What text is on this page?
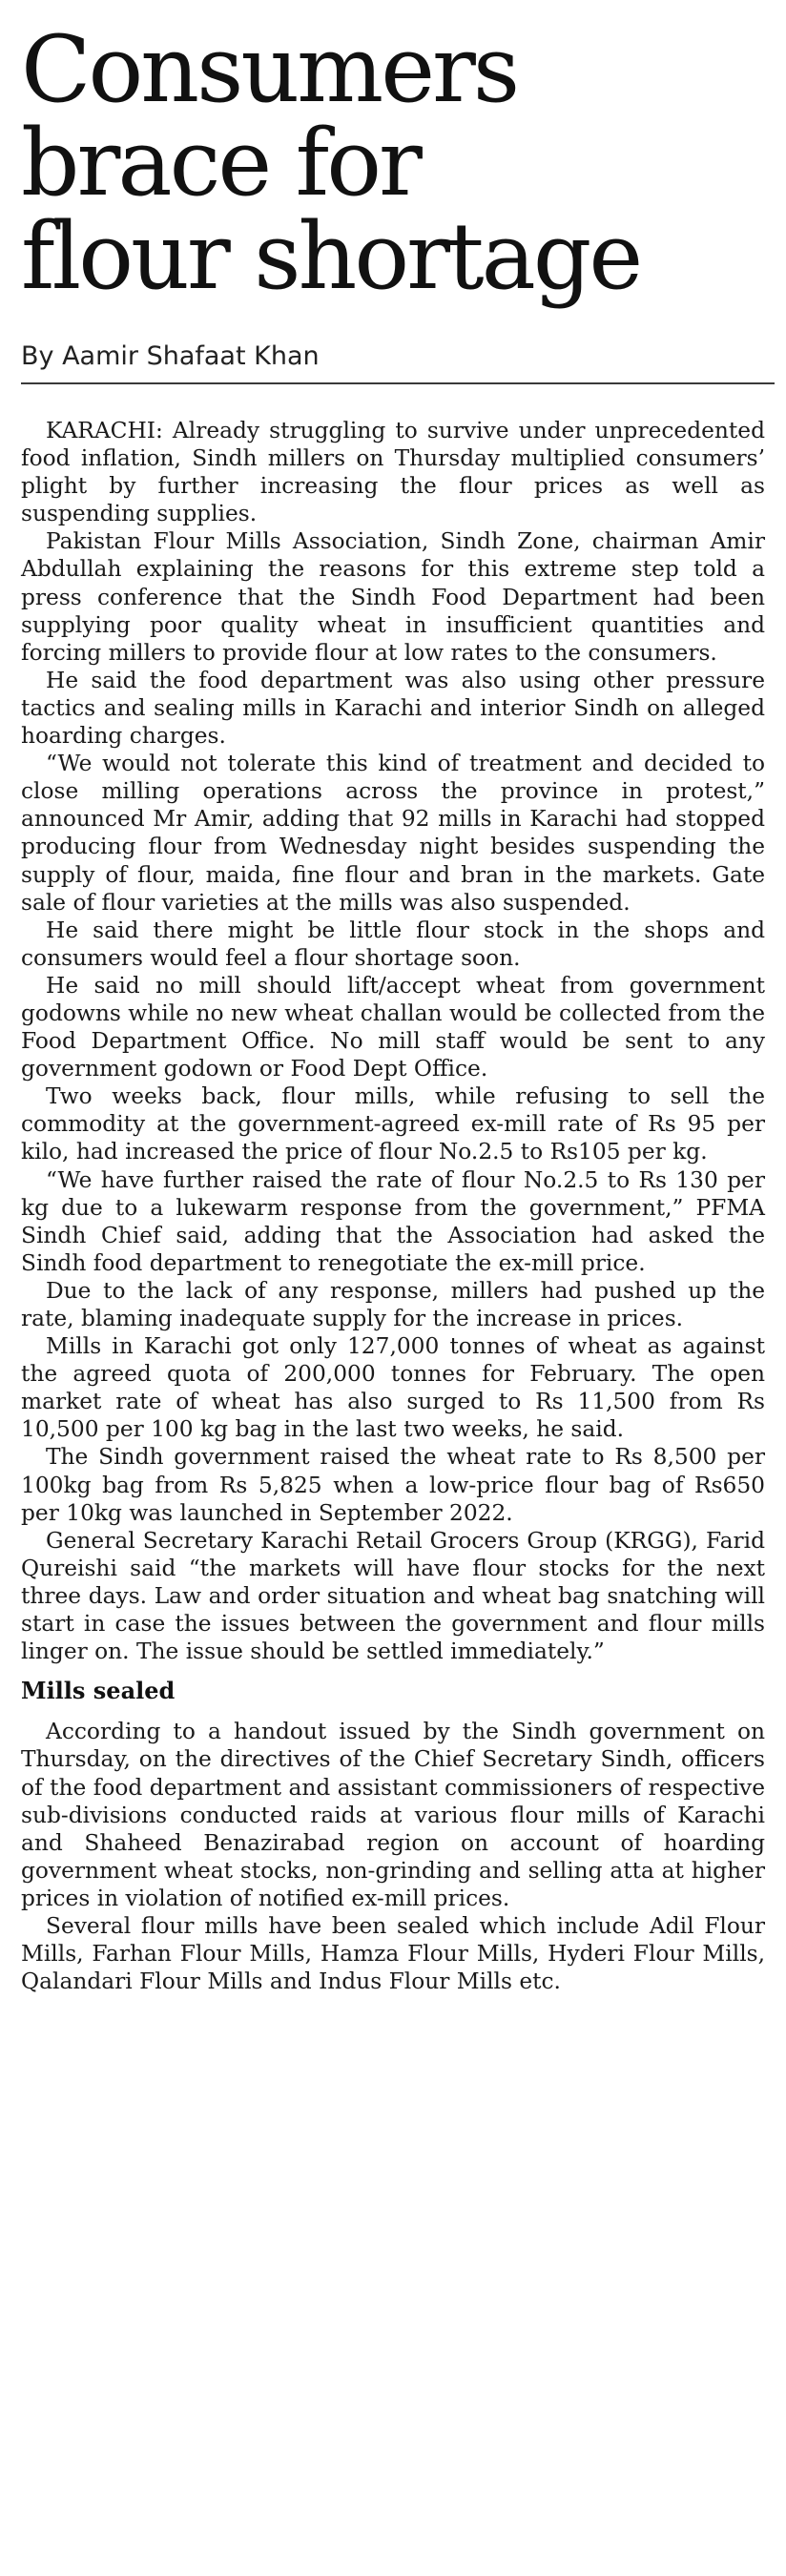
Consumers
brace for
flour shortage
By Aamir Shafaat Khan

KARACHI: Already struggling to survive under unprecedented food inflation, Sindh millers on Thursday multiplied consumers’ plight by further increasing the flour prices as well as suspending supplies.

Pakistan Flour Mills Association, Sindh Zone, chairman Amir Abdullah explaining the reasons for this extreme step told a press conference that the Sindh Food Department had been supplying poor quality wheat in insufficient quantities and forcing millers to provide flour at low rates to the consumers.

He said the food department was also using other pressure tactics and sealing mills in Karachi and interior Sindh on alleged hoarding charges.

“We would not tolerate this kind of treatment and decided to close milling operations across the province in protest,” announced Mr Amir, adding that 92 mills in Karachi had stopped producing flour from Wednesday night besides suspending the supply of flour, maida, fine flour and bran in the markets. Gate sale of flour varieties at the mills was also suspended.

He said there might be little flour stock in the shops and consumers would feel a flour shortage soon.

He said no mill should lift/accept wheat from government godowns while no new wheat challan would be collected from the Food Department Office. No mill staff would be sent to any government godown or Food Dept Office.

Two weeks back, flour mills, while refusing to sell the commodity at the government-agreed ex-mill rate of Rs 95 per kilo, had increased the price of flour No.2.5 to Rs105 per kg.

“We have further raised the rate of flour No.2.5 to Rs 130 per kg due to a lukewarm response from the government,” PFMA Sindh Chief said, adding that the Association had asked the Sindh food department to renegotiate the ex-mill price.

Due to the lack of any response, millers had pushed up the rate, blaming inadequate supply for the increase in prices.

Mills in Karachi got only 127,000 tonnes of wheat as against the agreed quota of 200,000 tonnes for February. The open market rate of wheat has also surged to Rs 11,500 from Rs 10,500 per 100 kg bag in the last two weeks, he said.

The Sindh government raised the wheat rate to Rs 8,500 per 100kg bag from Rs 5,825 when a low-price flour bag of Rs650 per 10kg was launched in September 2022.

General Secretary Karachi Retail Grocers Group (KRGG), Farid Qureishi said “the markets will have flour stocks for the next three days. Law and order situation and wheat bag snatching will start in case the issues between the government and flour mills linger on. The issue should be settled immediately.”

Mills sealed

According to a handout issued by the Sindh government on Thursday, on the directives of the Chief Secretary Sindh, officers of the food department and assistant commissioners of respective sub-divisions conducted raids at various flour mills of Karachi and Shaheed Benazirabad region on account of hoarding government wheat stocks, non-grinding and selling atta at higher prices in violation of notified ex-mill prices.

Several flour mills have been sealed which include Adil Flour Mills, Farhan Flour Mills, Hamza Flour Mills, Hyderi Flour Mills, Qalandari Flour Mills and Indus Flour Mills etc.
